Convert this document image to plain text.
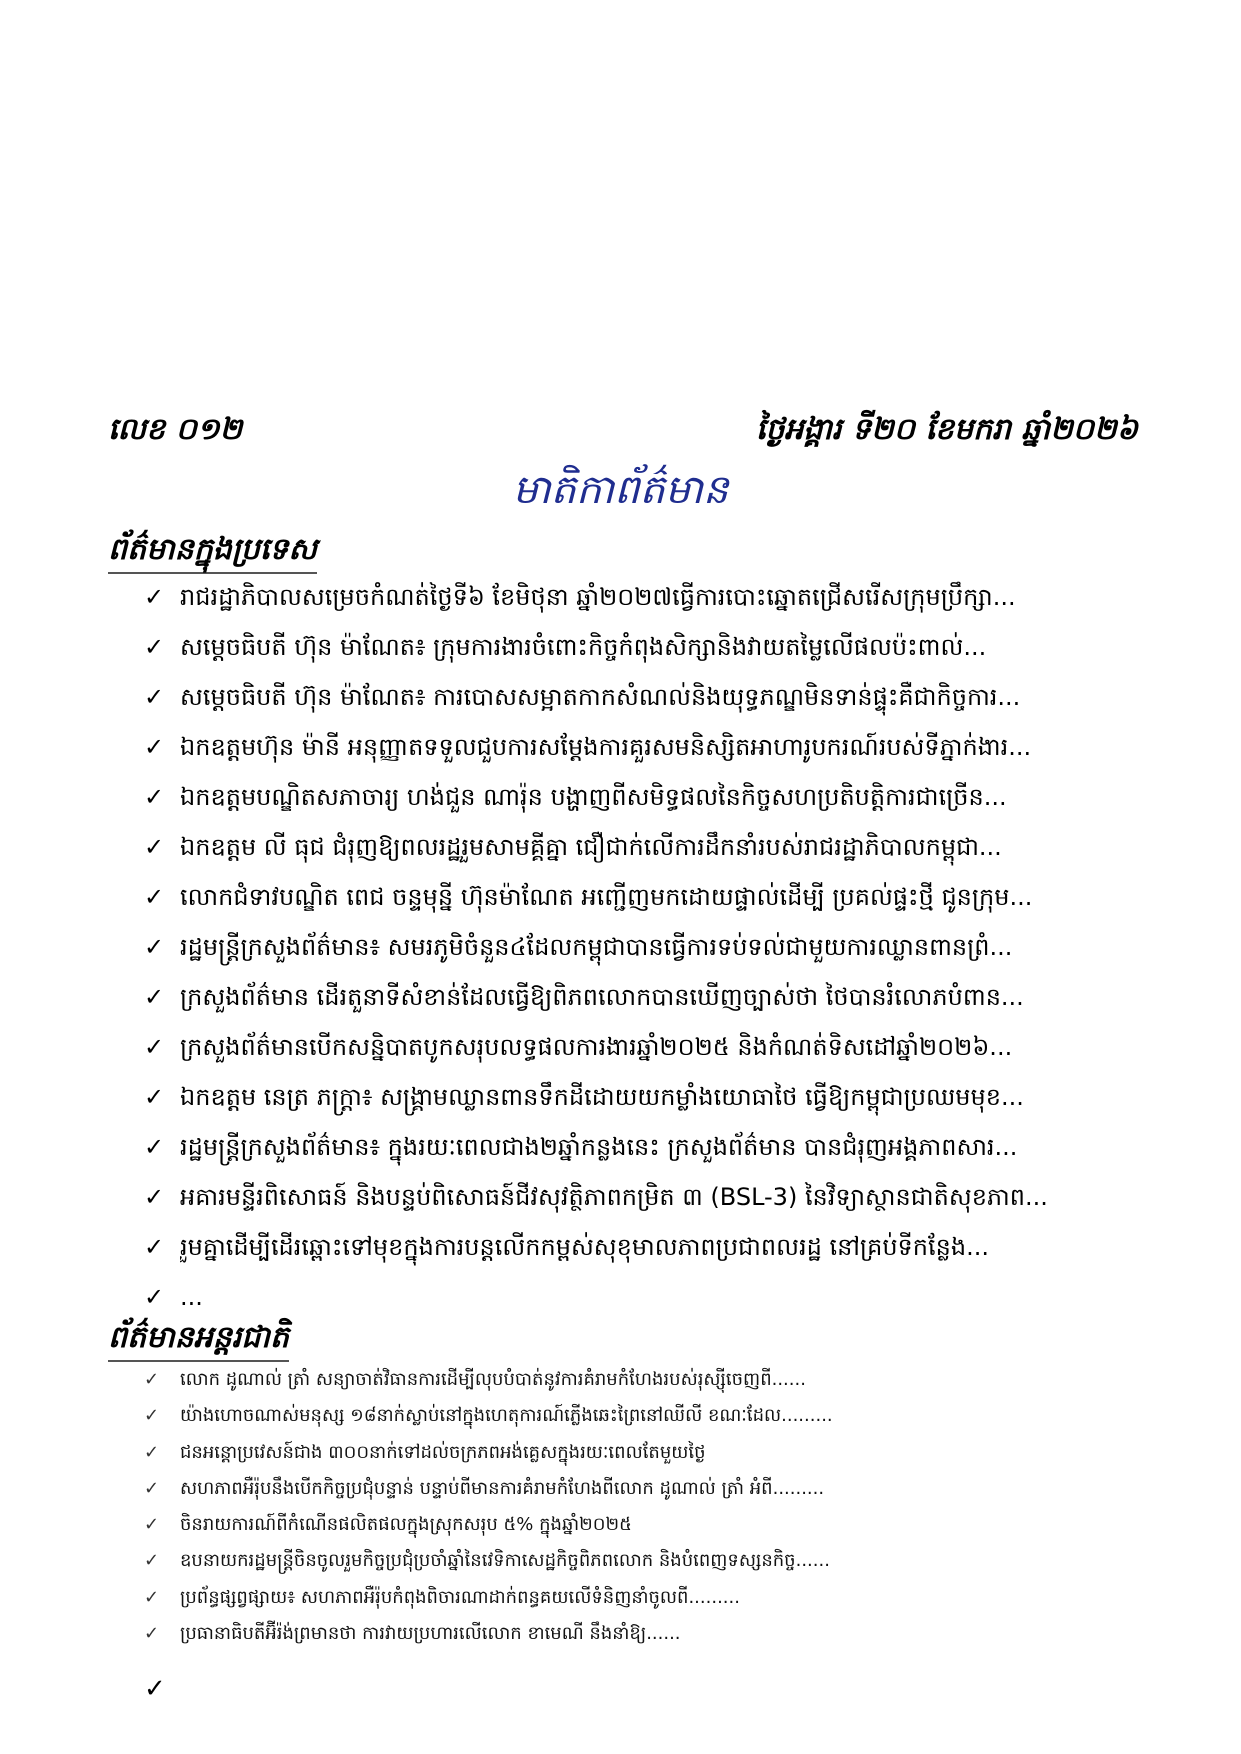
លេខ ០១២	ថ្ងៃអង្គារ ទី២០ ខែមករា ឆ្នាំ២០២៦
មាតិកាព័ត៌មាន
ព័ត៌មានក្នុងប្រទេស
✓ រាជរដ្ឋាភិបាលសម្រេចកំណត់ថ្ងៃទី៦ ខែមិថុនា ឆ្នាំ២០២៧ធ្វើការបោះឆ្នោតជ្រើសរើសក្រុមប្រឹក្សា...
✓ សម្តេចធិបតី ហ៊ុន ម៉ាណែត៖ ក្រុមការងារចំពោះកិច្ចកំពុងសិក្សានិងវាយតម្លៃលើផលប៉ះពាល់...
✓ សម្តេចធិបតី ហ៊ុន ម៉ាណែត៖ ការបោសសម្អាតកាកសំណល់និងយុទ្ធភណ្ឌមិនទាន់ផ្ទុះគឺជាកិច្ចការ...
✓ ឯកឧត្តមហ៊ុន ម៉ានី អនុញ្ញាតទទួលជួបការសម្តែងការគួរសមនិស្សិតអាហារូបករណ៍របស់ទីភ្នាក់ងារ...
✓ ឯកឧត្តមបណ្ឌិតសភាចារ្យ ហង់ជួន ណារ៉ុន បង្ហាញពីសមិទ្ធផលនៃកិច្ចសហប្រតិបត្តិការជាច្រើន...
✓ ឯកឧត្តម លី ធុជ ជំរុញឱ្យពលរដ្ឋរួមសាមគ្គីគ្នា ជឿជាក់លើការដឹកនាំរបស់រាជរដ្ឋាភិបាលកម្ពុជា...
✓ លោកជំទាវបណ្ឌិត ពេជ ចន្ទមុន្នី ហ៊ុនម៉ាណែត អញ្ជើញមកដោយផ្ទាល់ដើម្បី ប្រគល់ផ្ទះថ្មី ជូនក្រុម...
✓ រដ្ឋមន្ត្រីក្រសួងព័ត៌មាន៖ សមរភូមិចំនួន៤ដែលកម្ពុជាបានធ្វើការទប់ទល់ជាមួយការឈ្លានពានព្រំ...
✓ ក្រសួងព័ត៌មាន ដើរតួនាទីសំខាន់ដែលធ្វើឱ្យពិភពលោកបានឃើញច្បាស់ថា ថៃបានរំលោភបំពាន...
✓ ក្រសួងព័ត៌មានបើកសន្និបាតបូកសរុបលទ្ធផលការងារឆ្នាំ២០២៥ និងកំណត់ទិសដៅឆ្នាំ២០២៦...
✓ ឯកឧត្តម នេត្រ ភក្ត្រា៖ សង្គ្រាមឈ្លានពានទឹកដីដោយយកម្លាំងយោធាថៃ ធ្វើឱ្យកម្ពុជាប្រឈមមុខ...
✓ រដ្ឋមន្ត្រីក្រសួងព័ត៌មាន៖ ក្នុងរយៈពេលជាង២ឆ្នាំកន្លងនេះ ក្រសួងព័ត៌មាន បានជំរុញអង្គភាពសារ...
✓ អគារមន្ទីរពិសោធន៍ និងបន្ទប់ពិសោធន៍ជីវសុវត្ថិភាពកម្រិត ៣ (BSL-3) នៃវិទ្យាស្ថានជាតិសុខភាព...
✓ រួមគ្នាដើម្បីដើរឆ្ពោះទៅមុខក្នុងការបន្តលើកកម្ពស់សុខុមាលភាពប្រជាពលរដ្ឋ នៅគ្រប់ទីកន្លែង...
✓ ...
ព័ត៌មានអន្តរជាតិ
✓ លោក ដូណាល់ ត្រាំ សន្យាចាត់វិធានការដើម្បីលុបបំបាត់នូវការគំរាមកំហែងរបស់រុស្ស៊ីចេញពី......
✓ យ៉ាងហោចណាស់មនុស្ស ១៨នាក់ស្លាប់នៅក្នុងហេតុការណ៍ភ្លើងឆេះព្រៃនៅឈីលី ខណៈដែល.........
✓ ជនអន្តោប្រវេសន៍ជាង ៣០០នាក់ទៅដល់ចក្រភពអង់គ្លេសក្នុងរយៈពេលតែមួយថ្ងៃ
✓ សហភាពអឺរ៉ុបនឹងបើកកិច្ចប្រជុំបន្ទាន់ បន្ទាប់ពីមានការគំរាមកំហែងពីលោក ដូណាល់ ត្រាំ អំពី.........
✓ ចិនរាយការណ៍ពីកំណើនផលិតផលក្នុងស្រុកសរុប ៥% ក្នុងឆ្នាំ២០២៥
✓ ឧបនាយករដ្ឋមន្ត្រីចិនចូលរួមកិច្ចប្រជុំប្រចាំឆ្នាំនៃវេទិកាសេដ្ឋកិច្ចពិភពលោក និងបំពេញទស្សនកិច្ច......
✓ ប្រព័ន្ធផ្សព្វផ្សាយ៖ សហភាពអឺរ៉ុបកំពុងពិចារណាដាក់ពន្ធគយលើទំនិញនាំចូលពី.........
✓ ប្រធានាធិបតីអ៊ីរ៉ង់ព្រមានថា ការវាយប្រហារលើលោក ខាមេណី នឹងនាំឱ្យ......
✓
